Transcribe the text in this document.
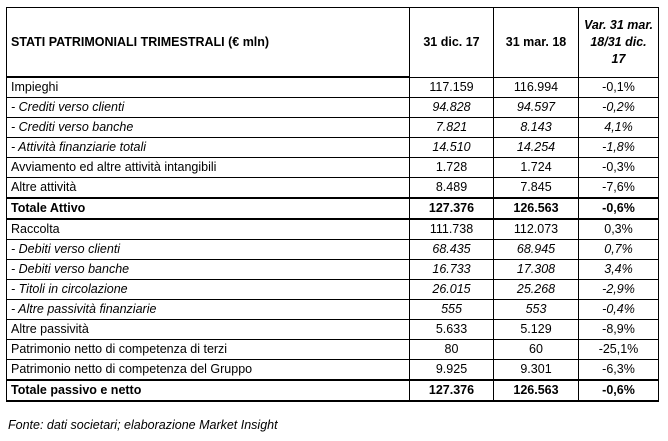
STATI PATRIMONIALI TRIMESTRALI (€ mln)	31 dic. 17	31 mar. 18	Var. 31 mar. 18/31 dic. 17
Impieghi	117.159	116.994	-0,1%
- Crediti verso clienti	94.828	94.597	-0,2%
- Crediti verso banche	7.821	8.143	4,1%
- Attività finanziarie totali	14.510	14.254	-1,8%
Avviamento ed altre attività intangibili	1.728	1.724	-0,3%
Altre attività	8.489	7.845	-7,6%
Totale Attivo	127.376	126.563	-0,6%
Raccolta	111.738	112.073	0,3%
- Debiti verso clienti	68.435	68.945	0,7%
- Debiti verso banche	16.733	17.308	3,4%
- Titoli in circolazione	26.015	25.268	-2,9%
- Altre passività finanziarie	555	553	-0,4%
Altre passività	5.633	5.129	-8,9%
Patrimonio netto di competenza di terzi	80	60	-25,1%
Patrimonio netto di competenza del Gruppo	9.925	9.301	-6,3%
Totale passivo e netto	127.376	126.563	-0,6%
Fonte: dati societari; elaborazione Market Insight
